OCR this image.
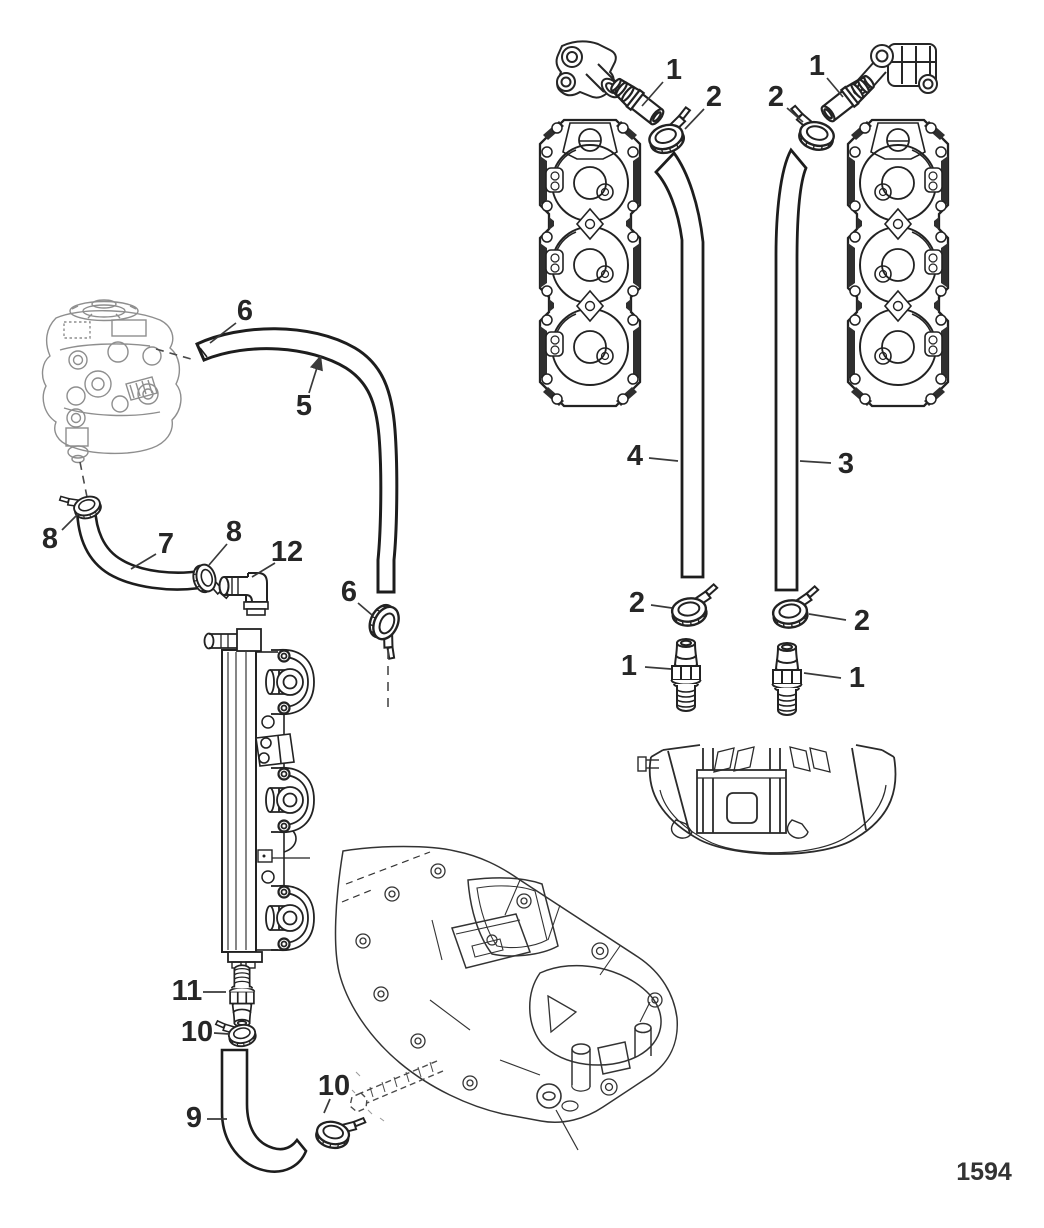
1
2
1
2
4	3
2
2
1	1
6
5
8	7 8
12
6
11
10
9
10
1594
